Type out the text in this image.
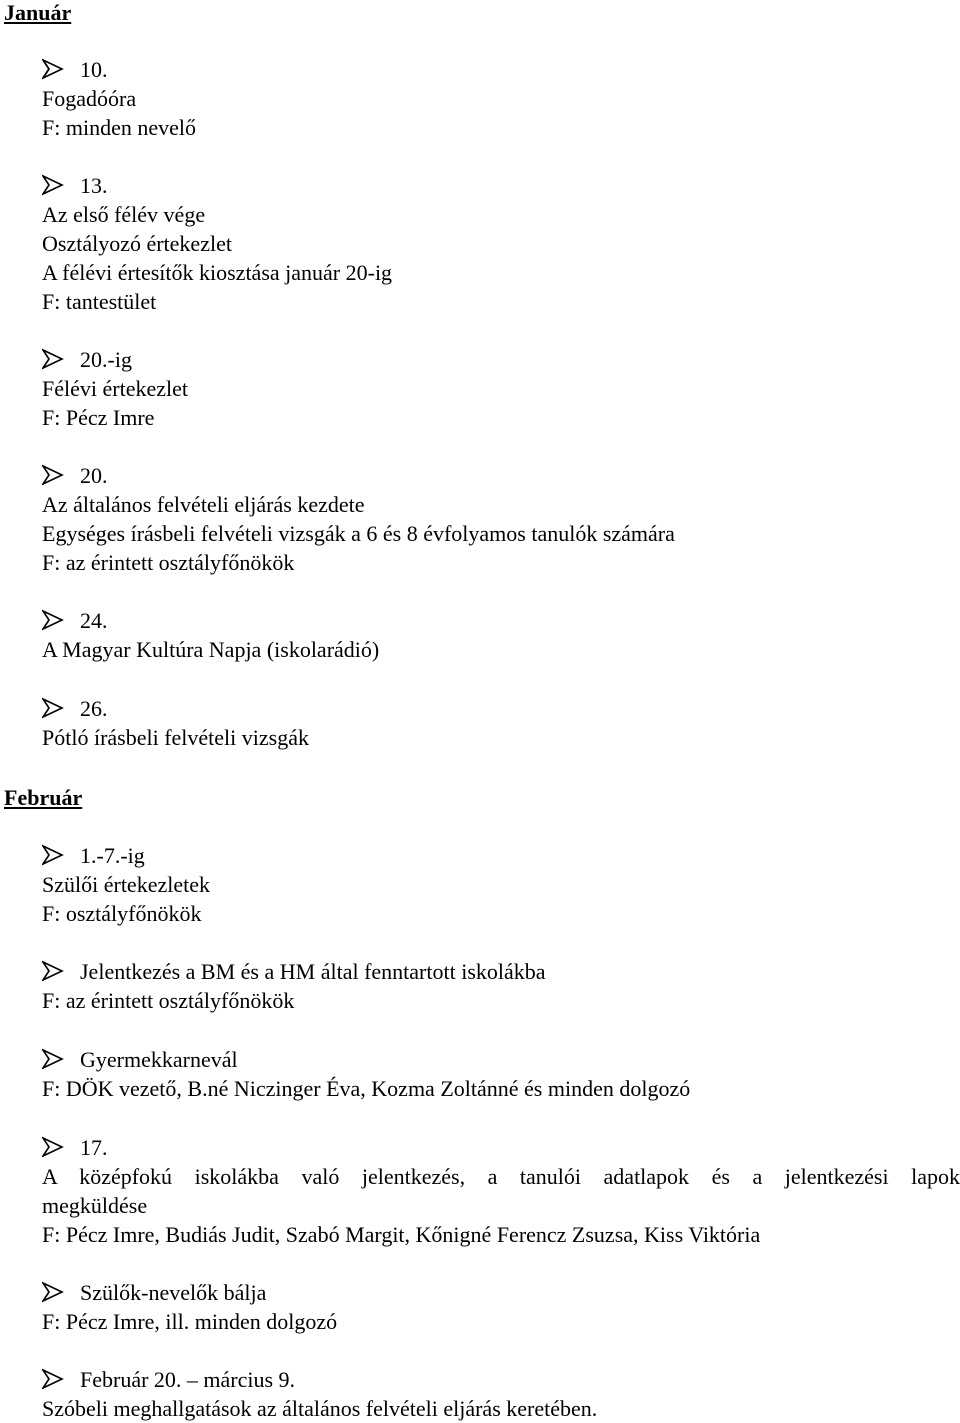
Január
10.
Fogadóóra
F: minden nevelő
13.
Az első félév vége
Osztályozó értekezlet
A félévi értesítők kiosztása január 20-ig
F: tantestület
20.-ig
Félévi értekezlet
F: Pécz Imre
20.
Az általános felvételi eljárás kezdete
Egységes írásbeli felvételi vizsgák a 6 és 8 évfolyamos tanulók számára
F: az érintett osztályfőnökök
24.
A Magyar Kultúra Napja (iskolarádió)
26.
Pótló írásbeli felvételi vizsgák
Február
1.-7.-ig
Szülői értekezletek
F: osztályfőnökök
Jelentkezés a BM és a HM által fenntartott iskolákba
F: az érintett osztályfőnökök
Gyermekkarnevál
F: DÖK vezető, B.né Niczinger Éva, Kozma Zoltánné és minden dolgozó
17.
A középfokú iskolákba való jelentkezés, a tanulói adatlapok és a jelentkezési lapok
megküldése
F: Pécz Imre, Budiás Judit, Szabó Margit, Kőnigné Ferencz Zsuzsa, Kiss Viktória
Szülők-nevelők bálja
F: Pécz Imre, ill. minden dolgozó
Február 20. – március 9.
Szóbeli meghallgatások az általános felvételi eljárás keretében.
